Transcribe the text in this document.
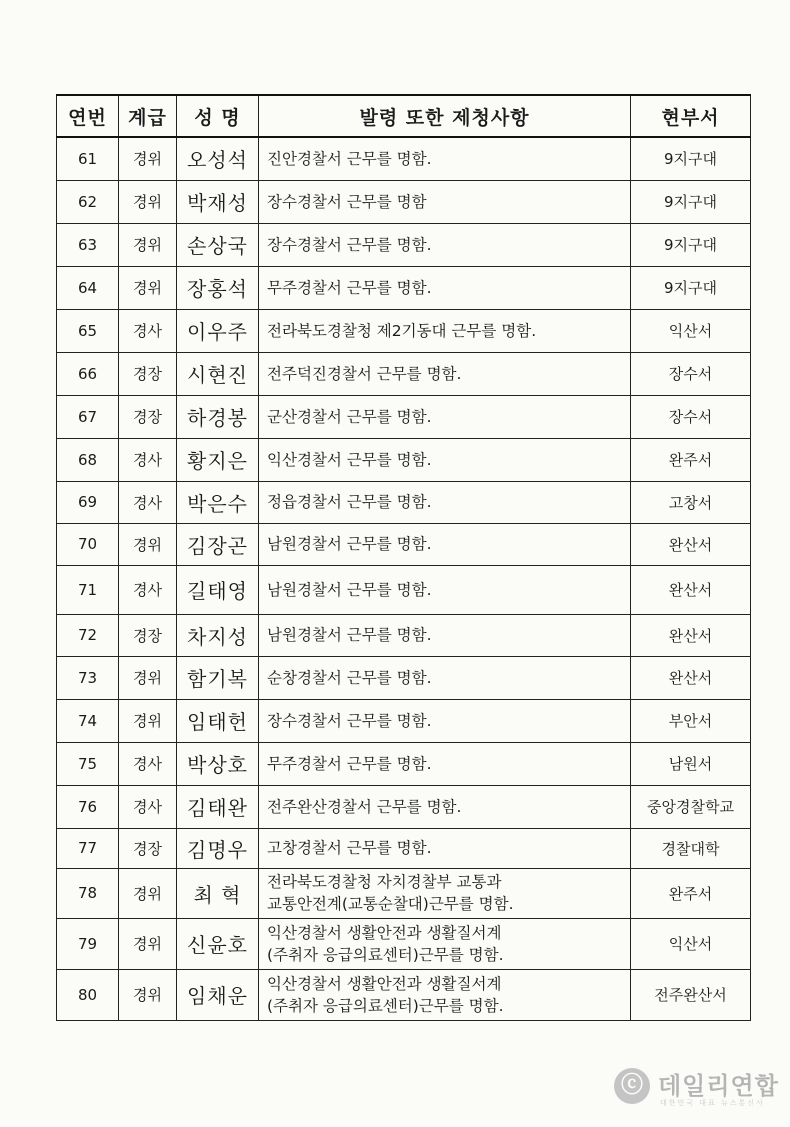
연번	계급	성 명	발령 또한 제청사항	현부서
61	경위	오성석	진안경찰서 근무를 명함.	9지구대
62	경위	박재성	장수경찰서 근무를 명함	9지구대
63	경위	손상국	장수경찰서 근무를 명함.	9지구대
64	경위	장홍석	무주경찰서 근무를 명함.	9지구대
65	경사	이우주	전라북도경찰청 제2기동대 근무를 명함.	익산서
66	경장	시현진	전주덕진경찰서 근무를 명함.	장수서
67	경장	하경봉	군산경찰서 근무를 명함.	장수서
68	경사	황지은	익산경찰서 근무를 명함.	완주서
69	경사	박은수	정읍경찰서 근무를 명함.	고창서
70	경위	김장곤	남원경찰서 근무를 명함.	완산서
71	경사	길태영	남원경찰서 근무를 명함.	완산서
72	경장	차지성	남원경찰서 근무를 명함.	완산서
73	경위	함기복	순창경찰서 근무를 명함.	완산서
74	경위	임태헌	장수경찰서 근무를 명함.	부안서
75	경사	박상호	무주경찰서 근무를 명함.	남원서
76	경사	김태완	전주완산경찰서 근무를 명함.	중앙경찰학교
77	경장	김명우	고창경찰서 근무를 명함.	경찰대학
78	경위	최 혁	전라북도경찰청 자치경찰부 교통과
교통안전계(교통순찰대)근무를 명함.	완주서
79	경위	신윤호	익산경찰서 생활안전과 생활질서계
(주취자 응급의료센터)근무를 명함.	익산서
80	경위	임채운	익산경찰서 생활안전과 생활질서계
(주취자 응급의료센터)근무를 명함.	전주완산서
ⓒ 데일리연합
대한민국 대표 뉴스통신사
